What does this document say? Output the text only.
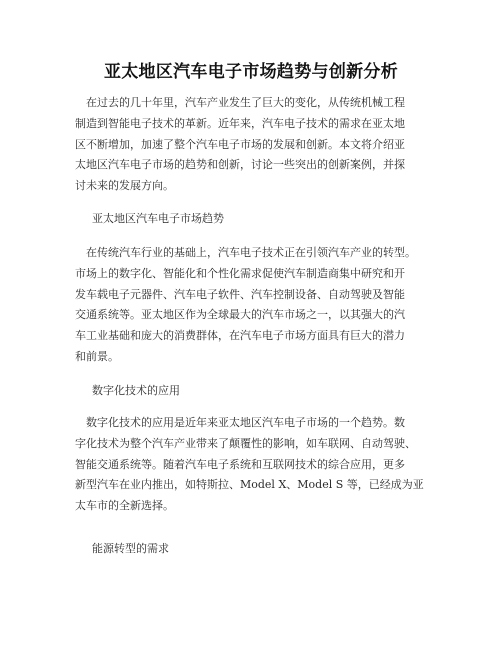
亚太地区汽车电子市场趋势与创新分析
在过去的几十年里，汽车产业发生了巨大的变化，从传统机械工程
制造到智能电子技术的革新。近年来，汽车电子技术的需求在亚太地
区不断增加，加速了整个汽车电子市场的发展和创新。本文将介绍亚
太地区汽车电子市场的趋势和创新，讨论一些突出的创新案例，并探
讨未来的发展方向。
亚太地区汽车电子市场趋势
在传统汽车行业的基础上，汽车电子技术正在引领汽车产业的转型。
市场上的数字化、智能化和个性化需求促使汽车制造商集中研究和开
发车载电子元器件、汽车电子软件、汽车控制设备、自动驾驶及智能
交通系统等。亚太地区作为全球最大的汽车市场之一，以其强大的汽
车工业基础和庞大的消费群体，在汽车电子市场方面具有巨大的潜力
和前景。
数字化技术的应用
数字化技术的应用是近年来亚太地区汽车电子市场的一个趋势。数
字化技术为整个汽车产业带来了颠覆性的影响，如车联网、自动驾驶、
智能交通系统等。随着汽车电子系统和互联网技术的综合应用，更多
新型汽车在业内推出，如特斯拉、Model X、Model S 等，已经成为亚
太车市的全新选择。
能源转型的需求
